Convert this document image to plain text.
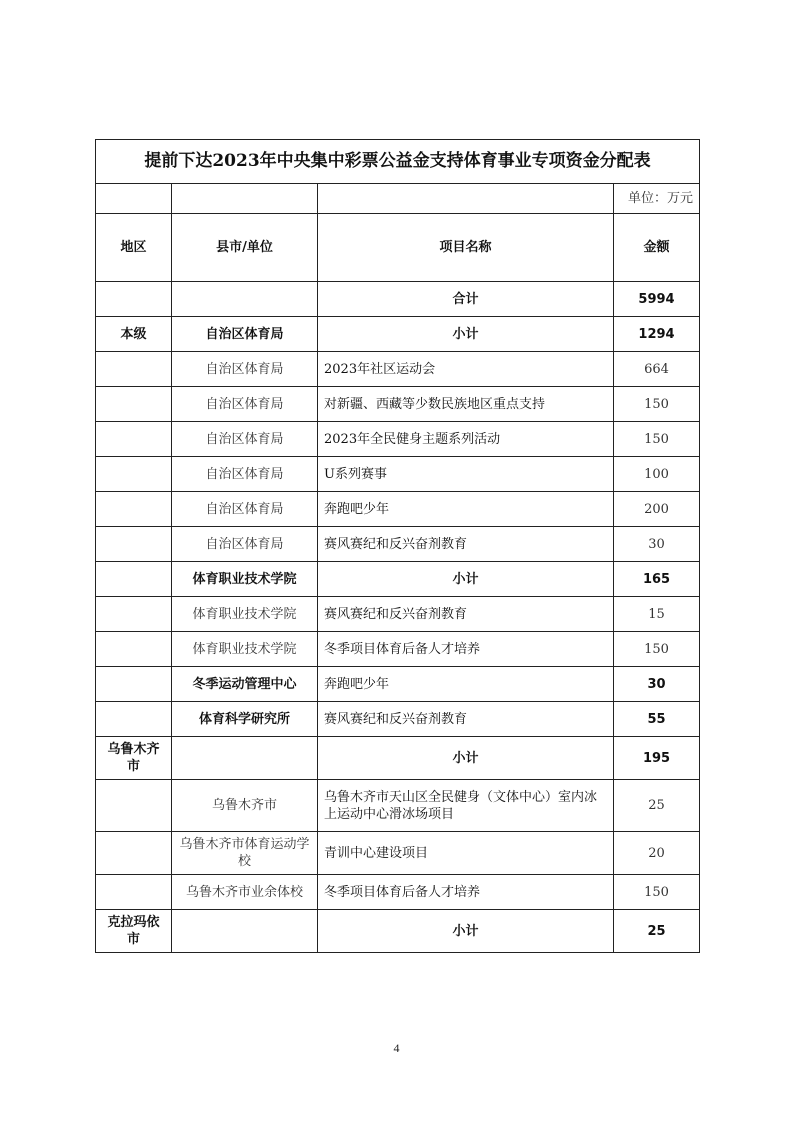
提前下达2023年中央集中彩票公益金支持体育事业专项资金分配表			
			单位：万元
地区	县市/单位	项目名称	金额
		合计	5994
本级	自治区体育局	小计	1294
	自治区体育局	2023年社区运动会	664
	自治区体育局	对新疆、西藏等少数民族地区重点支持	150
	自治区体育局	2023年全民健身主题系列活动	150
	自治区体育局	U系列赛事	100
	自治区体育局	奔跑吧少年	200
	自治区体育局	赛风赛纪和反兴奋剂教育	30
	体育职业技术学院	小计	165
	体育职业技术学院	赛风赛纪和反兴奋剂教育	15
	体育职业技术学院	冬季项目体育后备人才培养	150
	冬季运动管理中心	奔跑吧少年	30
	体育科学研究所	赛风赛纪和反兴奋剂教育	55
乌鲁木齐市		小计	195
	乌鲁木齐市	乌鲁木齐市天山区全民健身（文体中心）室内冰上运动中心滑冰场项目	25
	乌鲁木齐市体育运动学校	青训中心建设项目	20
	乌鲁木齐市业余体校	冬季项目体育后备人才培养	150
克拉玛依市		小计	25
4
